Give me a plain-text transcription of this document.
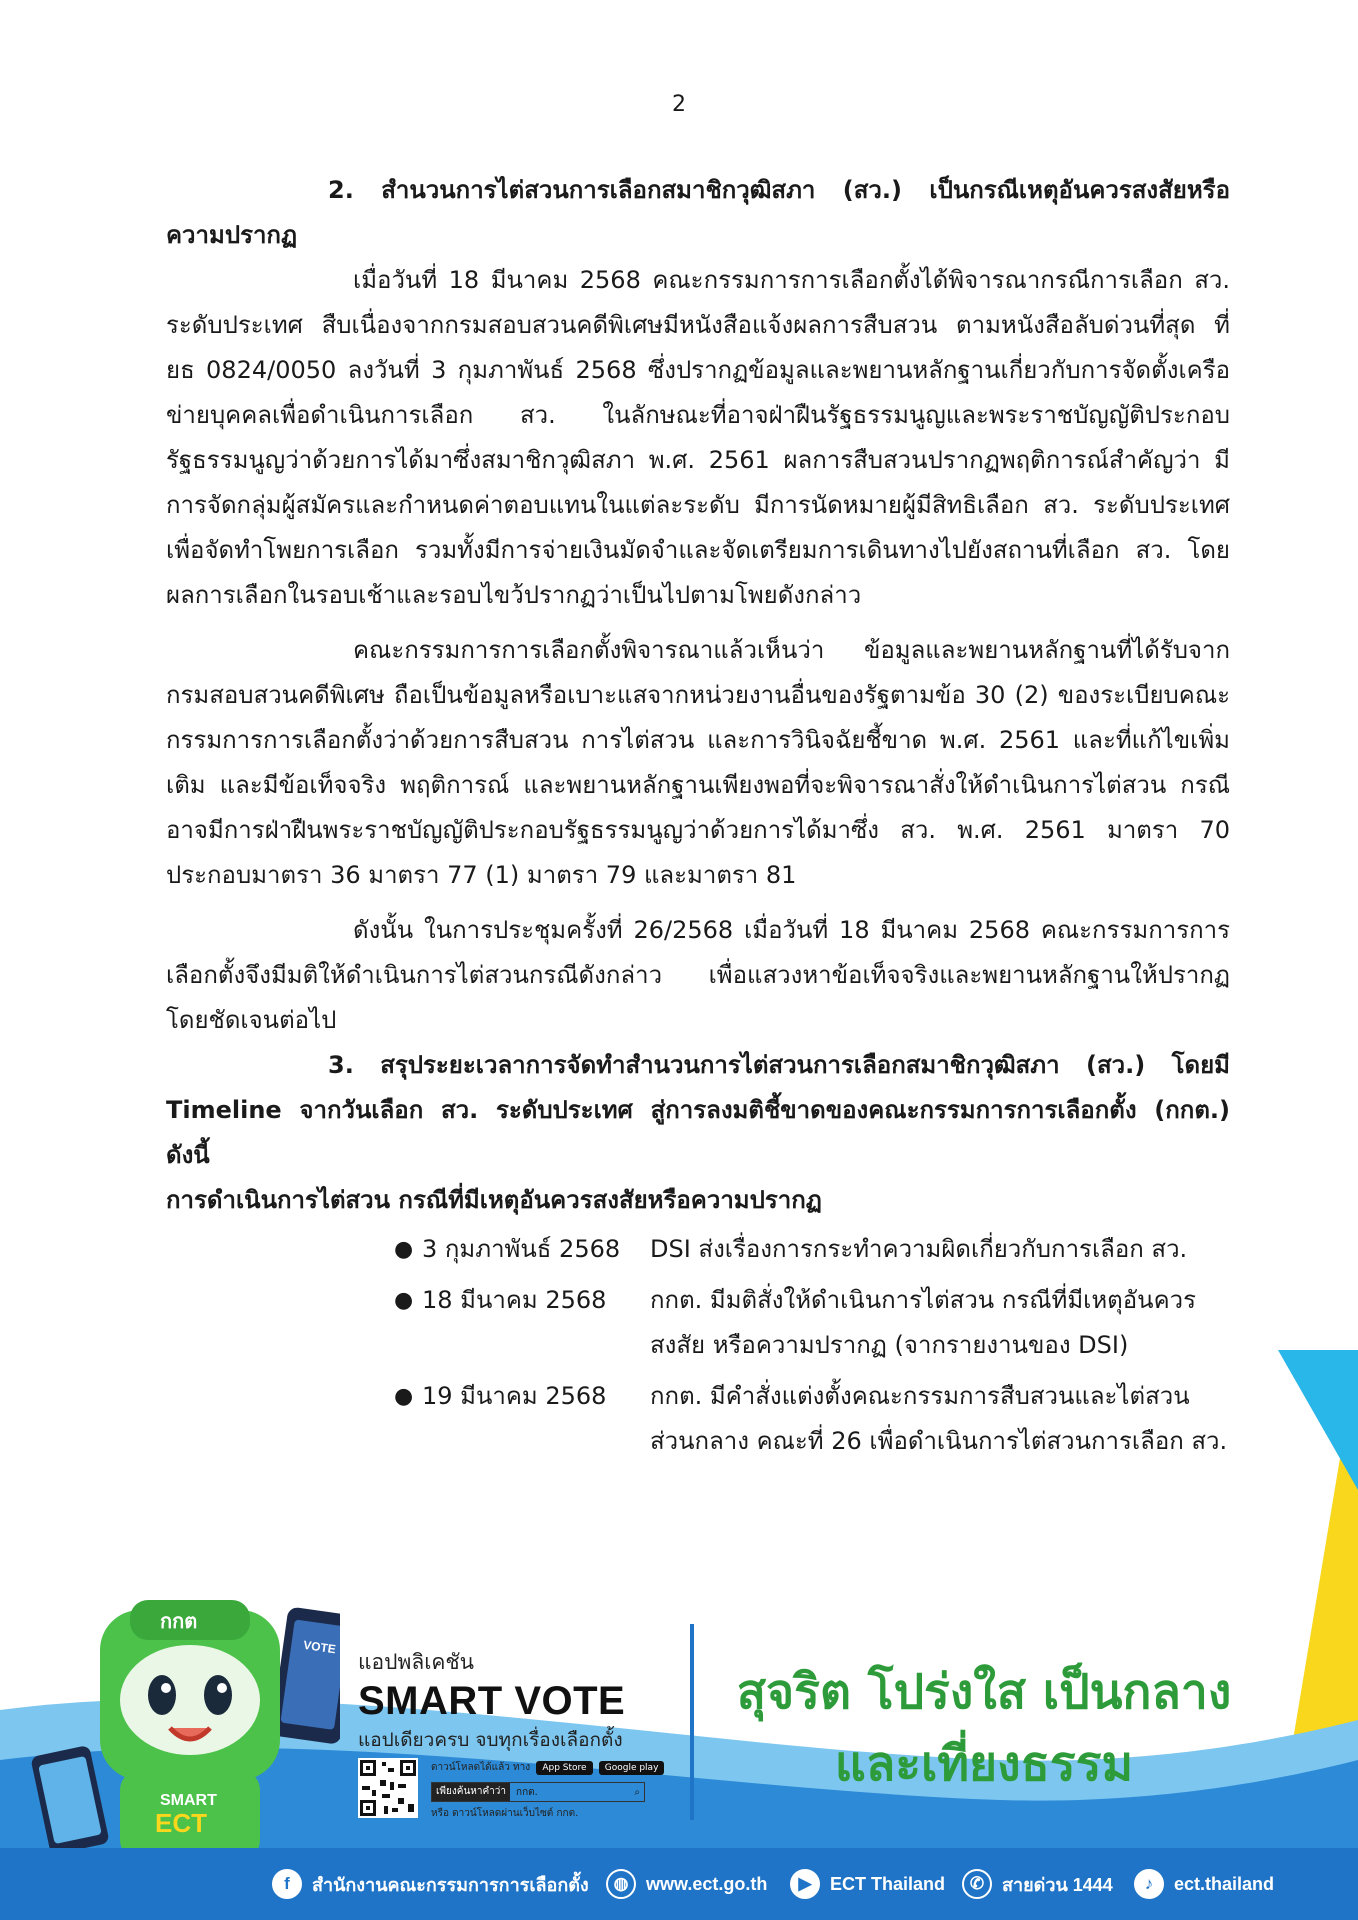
2

2. สำนวนการไต่สวนการเลือกสมาชิกวุฒิสภา (สว.) เป็นกรณีเหตุอันควรสงสัยหรือความปรากฏ

เมื่อวันที่ 18 มีนาคม 2568 คณะกรรมการการเลือกตั้งได้พิจารณากรณีการเลือก สว. ระดับประเทศ สืบเนื่องจากกรมสอบสวนคดีพิเศษมีหนังสือแจ้งผลการสืบสวน ตามหนังสือลับด่วนที่สุด ที่ ยธ 0824/0050 ลงวันที่ 3 กุมภาพันธ์ 2568 ซึ่งปรากฏข้อมูลและพยานหลักฐานเกี่ยวกับการจัดตั้งเครือข่ายบุคคลเพื่อดำเนินการเลือก สว. ในลักษณะที่อาจฝ่าฝืนรัฐธรรมนูญและพระราชบัญญัติประกอบรัฐธรรมนูญว่าด้วยการได้มาซึ่งสมาชิกวุฒิสภา พ.ศ. 2561 ผลการสืบสวนปรากฏพฤติการณ์สำคัญว่า มีการจัดกลุ่มผู้สมัครและกำหนดค่าตอบแทนในแต่ละระดับ มีการนัดหมายผู้มีสิทธิเลือก สว. ระดับประเทศเพื่อจัดทำโพยการเลือก รวมทั้งมีการจ่ายเงินมัดจำและจัดเตรียมการเดินทางไปยังสถานที่เลือก สว. โดยผลการเลือกในรอบเช้าและรอบไขว้ปรากฏว่าเป็นไปตามโพยดังกล่าว

คณะกรรมการการเลือกตั้งพิจารณาแล้วเห็นว่า ข้อมูลและพยานหลักฐานที่ได้รับจากกรมสอบสวนคดีพิเศษ ถือเป็นข้อมูลหรือเบาะแสจากหน่วยงานอื่นของรัฐตามข้อ 30 (2) ของระเบียบคณะกรรมการการเลือกตั้งว่าด้วยการสืบสวน การไต่สวน และการวินิจฉัยชี้ขาด พ.ศ. 2561 และที่แก้ไขเพิ่มเติม และมีข้อเท็จจริง พฤติการณ์ และพยานหลักฐานเพียงพอที่จะพิจารณาสั่งให้ดำเนินการไต่สวน กรณีอาจมีการฝ่าฝืนพระราชบัญญัติประกอบรัฐธรรมนูญว่าด้วยการได้มาซึ่ง สว. พ.ศ. 2561 มาตรา 70 ประกอบมาตรา 36 มาตรา 77 (1) มาตรา 79 และมาตรา 81

ดังนั้น ในการประชุมครั้งที่ 26/2568 เมื่อวันที่ 18 มีนาคม 2568 คณะกรรมการการเลือกตั้งจึงมีมติให้ดำเนินการไต่สวนกรณีดังกล่าว เพื่อแสวงหาข้อเท็จจริงและพยานหลักฐานให้ปรากฏโดยชัดเจนต่อไป

3. สรุประยะเวลาการจัดทำสำนวนการไต่สวนการเลือกสมาชิกวุฒิสภา (สว.) โดยมี Timeline จากวันเลือก สว. ระดับประเทศ สู่การลงมติชี้ขาดของคณะกรรมการการเลือกตั้ง (กกต.) ดังนี้

การดำเนินการไต่สวน กรณีที่มีเหตุอันควรสงสัยหรือความปรากฏ

● 3 กุมภาพันธ์ 2568	DSI ส่งเรื่องการกระทำความผิดเกี่ยวกับการเลือก สว.
● 18 มีนาคม 2568	กกต. มีมติสั่งให้ดำเนินการไต่สวน กรณีที่มีเหตุอันควรสงสัย หรือความปรากฏ (จากรายงานของ DSI)
● 19 มีนาคม 2568	กกต. มีคำสั่งแต่งตั้งคณะกรรมการสืบสวนและไต่สวนส่วนกลาง คณะที่ 26 เพื่อดำเนินการไต่สวนการเลือก สว.
VOTE
กกต
SMART
ECT
แอปพลิเคชัน
SMART VOTE
แอปเดียวครบ จบทุกเรื่องเลือกตั้ง
ดาวน์โหลดได้แล้ว ทาง App Store Google play
เพียงค้นหาคำว่า	กกต.	⌕
หรือ ดาวน์โหลดผ่านเว็บไซต์ กกต.
สุจริต โปร่งใส เป็นกลาง
และเที่ยงธรรม
f	สำนักงานคณะกรรมการการเลือกตั้ง	◍ www.ect.go.th	▶	ECT Thailand	✆ สายด่วน 1444	♪	ect.thailand
